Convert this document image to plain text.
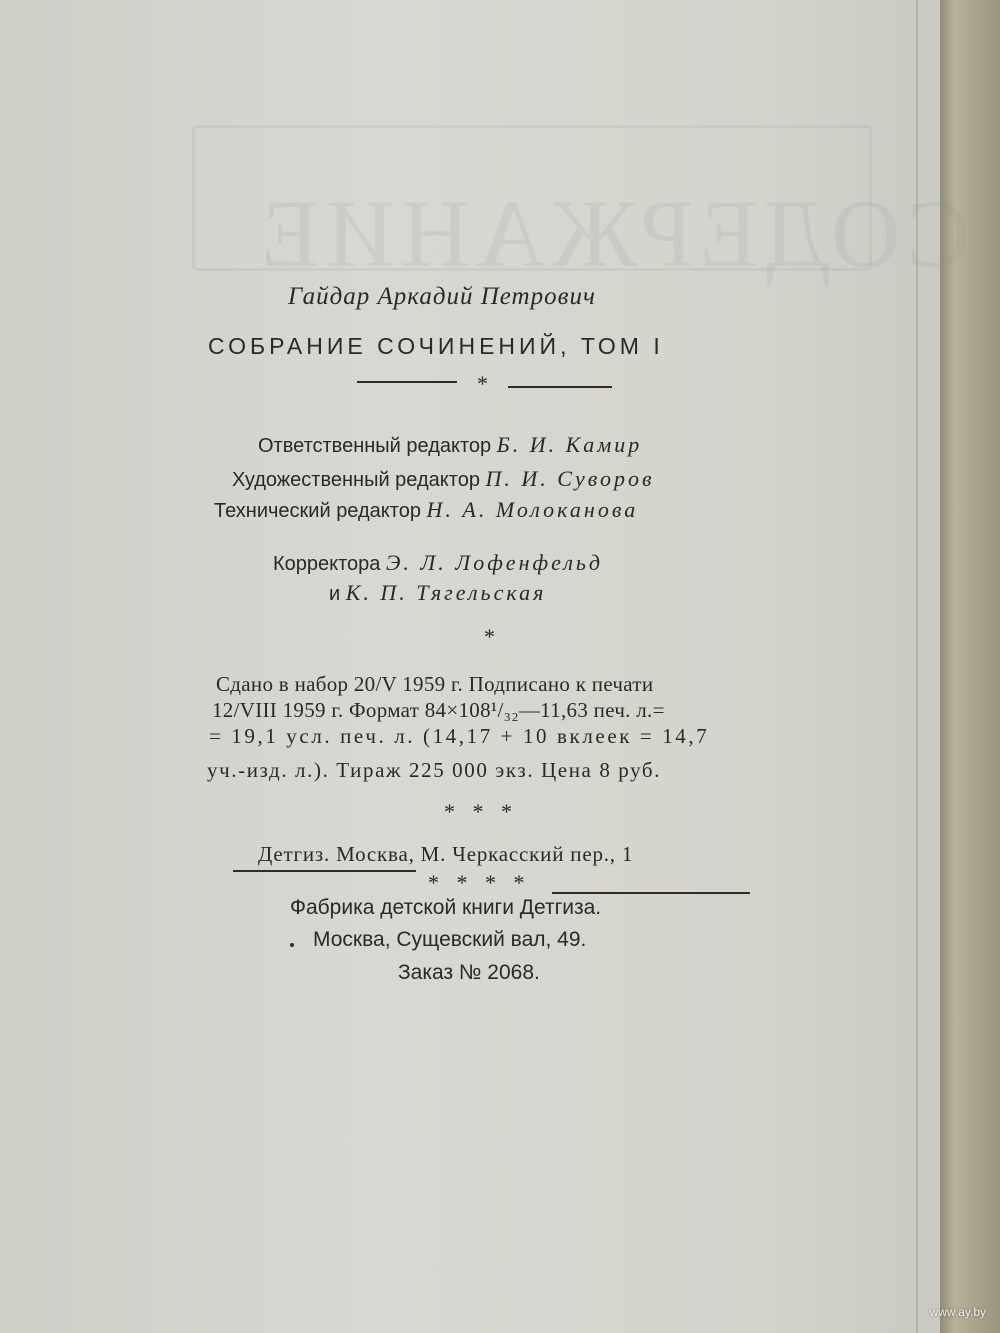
СОДЕРЖАНИЕ
Гайдар Аркадий Петрович
СОБРАНИЕ СОЧИНЕНИЙ, ТОМ I
*
Ответственный редактор Б. И. Камир
Художественный редактор П. И. Суворов
Технический редактор Н. А. Молоканова
Корректора Э. Л. Лофенфельд
и К. П. Тягельская
*
Сдано в набор 20/V 1959 г. Подписано к печати
12/VIII 1959 г. Формат 84×108¹/₃₂—11,63 печ. л.=
= 19,1 усл. печ. л. (14,17 + 10 вклеек = 14,7
уч.-изд. л.). Тираж 225 000 экз. Цена 8 руб.
* * *
Детгиз. Москва, М. Черкасский пер., 1
* * * *
Фабрика детской книги Детгиза.
Москва, Сущевский вал, 49.
Заказ № 2068.
www.ay.by
